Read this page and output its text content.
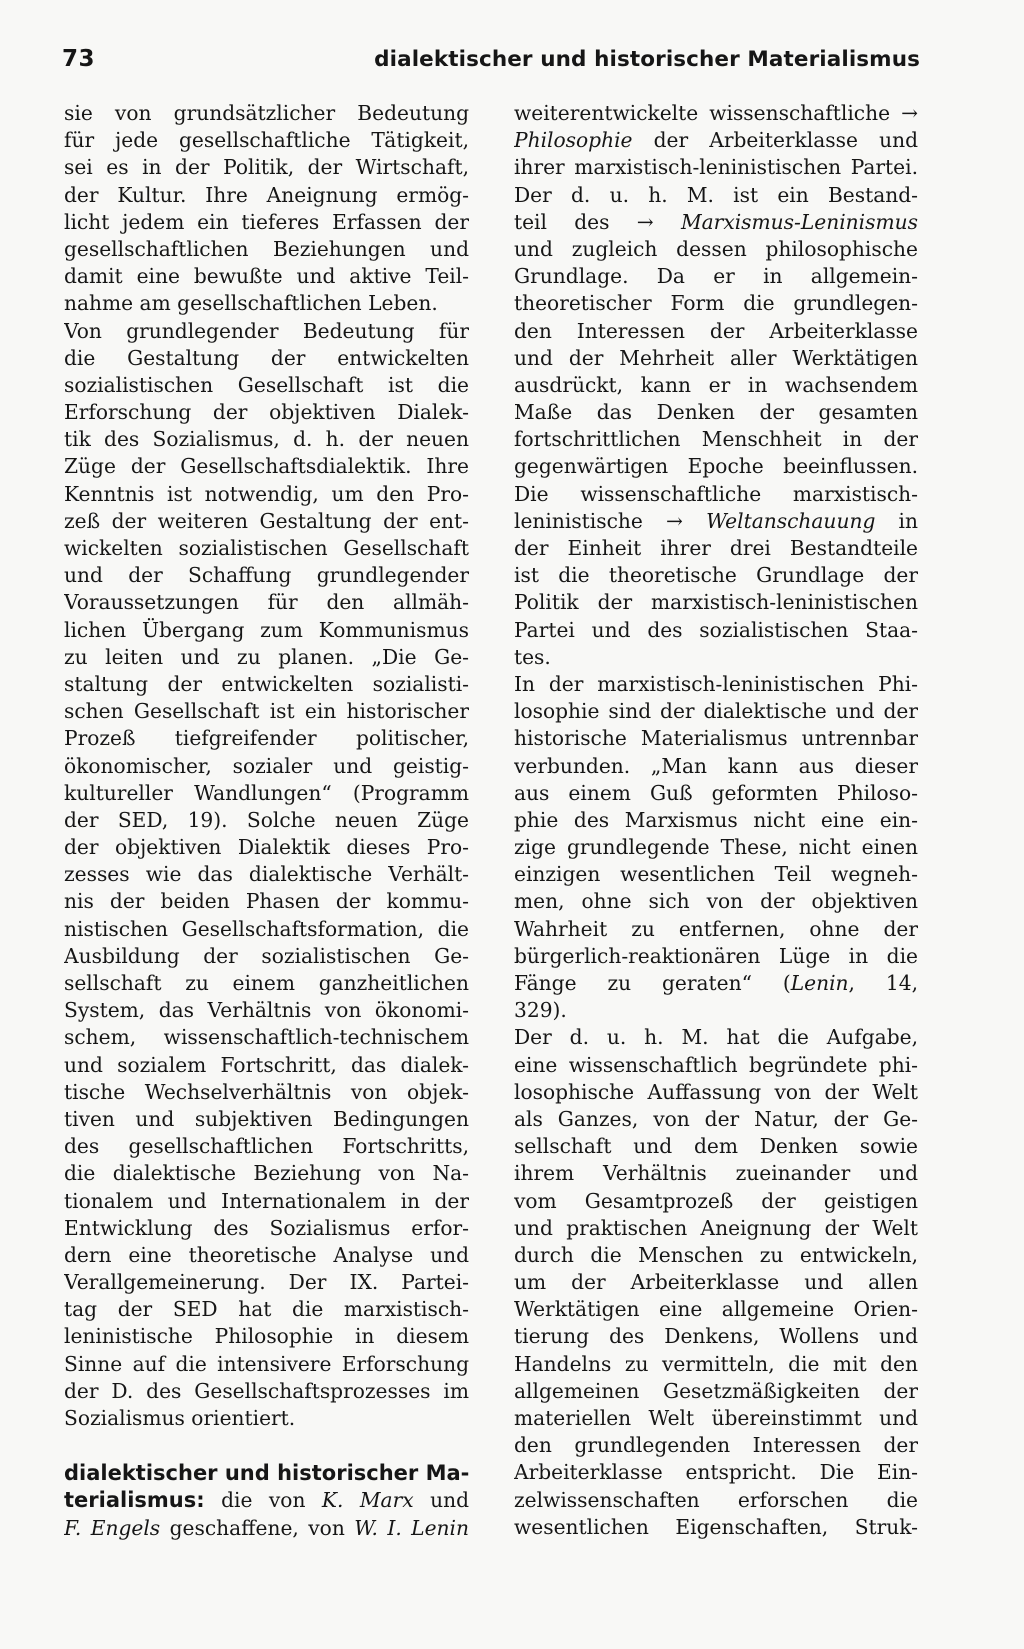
73	dialektischer und historischer Materialismus
sie von grundsätzlicher Bedeutung
für jede gesellschaftliche Tätigkeit,
sei es in der Politik, der Wirtschaft,
der Kultur. Ihre Aneignung ermög-
licht jedem ein tieferes Erfassen der
gesellschaftlichen Beziehungen und
damit eine bewußte und aktive Teil-
nahme am gesellschaftlichen Leben.
Von grundlegender Bedeutung für
die Gestaltung der entwickelten
sozialistischen Gesellschaft ist die
Erforschung der objektiven Dialek-
tik des Sozialismus, d. h. der neuen
Züge der Gesellschaftsdialektik. Ihre
Kenntnis ist notwendig, um den Pro-
zeß der weiteren Gestaltung der ent-
wickelten sozialistischen Gesellschaft
und der Schaffung grundlegender
Voraussetzungen für den allmäh-
lichen Übergang zum Kommunismus
zu leiten und zu planen. „Die Ge-
staltung der entwickelten sozialisti-
schen Gesellschaft ist ein historischer
Prozeß tiefgreifender politischer,
ökonomischer, sozialer und geistig-
kultureller Wandlungen“ (Programm
der SED, 19). Solche neuen Züge
der objektiven Dialektik dieses Pro-
zesses wie das dialektische Verhält-
nis der beiden Phasen der kommu-
nistischen Gesellschaftsformation, die
Ausbildung der sozialistischen Ge-
sellschaft zu einem ganzheitlichen
System, das Verhältnis von ökonomi-
schem, wissenschaftlich-technischem
und sozialem Fortschritt, das dialek-
tische Wechselverhältnis von objek-
tiven und subjektiven Bedingungen
des gesellschaftlichen Fortschritts,
die dialektische Beziehung von Na-
tionalem und Internationalem in der
Entwicklung des Sozialismus erfor-
dern eine theoretische Analyse und
Verallgemeinerung. Der IX. Partei-
tag der SED hat die marxistisch-
leninistische Philosophie in diesem
Sinne auf die intensivere Erforschung
der D. des Gesellschaftsprozesses im
Sozialismus orientiert.
dialektischer und historischer Ma-
terialismus: die von K. Marx und
F. Engels geschaffene, von W. I. Lenin
weiterentwickelte wissenschaftliche →
Philosophie der Arbeiterklasse und
ihrer marxistisch-leninistischen Partei.
Der d. u. h. M. ist ein Bestand-
teil des → Marxismus-Leninismus
und zugleich dessen philosophische
Grundlage. Da er in allgemein-
theoretischer Form die grundlegen-
den Interessen der Arbeiterklasse
und der Mehrheit aller Werktätigen
ausdrückt, kann er in wachsendem
Maße das Denken der gesamten
fortschrittlichen Menschheit in der
gegenwärtigen Epoche beeinflussen.
Die wissenschaftliche marxistisch-
leninistische → Weltanschauung in
der Einheit ihrer drei Bestandteile
ist die theoretische Grundlage der
Politik der marxistisch-leninistischen
Partei und des sozialistischen Staa-
tes.
In der marxistisch-leninistischen Phi-
losophie sind der dialektische und der
historische Materialismus untrennbar
verbunden. „Man kann aus dieser
aus einem Guß geformten Philoso-
phie des Marxismus nicht eine ein-
zige grundlegende These, nicht einen
einzigen wesentlichen Teil wegneh-
men, ohne sich von der objektiven
Wahrheit zu entfernen, ohne der
bürgerlich-reaktionären Lüge in die
Fänge zu geraten“ (Lenin, 14,
329).
Der d. u. h. M. hat die Aufgabe,
eine wissenschaftlich begründete phi-
losophische Auffassung von der Welt
als Ganzes, von der Natur, der Ge-
sellschaft und dem Denken sowie
ihrem Verhältnis zueinander und
vom Gesamtprozeß der geistigen
und praktischen Aneignung der Welt
durch die Menschen zu entwickeln,
um der Arbeiterklasse und allen
Werktätigen eine allgemeine Orien-
tierung des Denkens, Wollens und
Handelns zu vermitteln, die mit den
allgemeinen Gesetzmäßigkeiten der
materiellen Welt übereinstimmt und
den grundlegenden Interessen der
Arbeiterklasse entspricht. Die Ein-
zelwissenschaften erforschen die
wesentlichen Eigenschaften, Struk-
